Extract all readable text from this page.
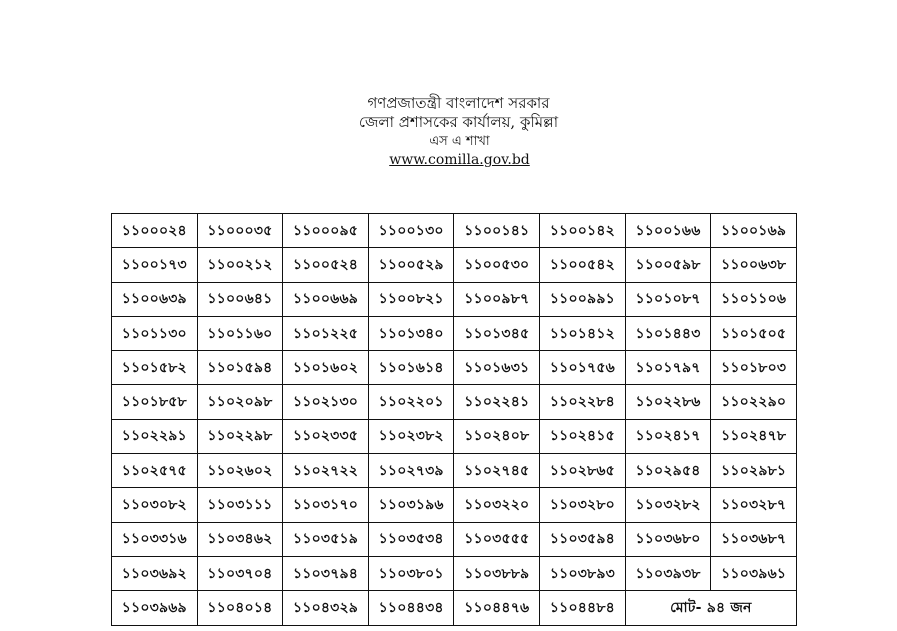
গণপ্রজাতন্ত্রী বাংলাদেশ সরকার
জেলা প্রশাসকের কার্যালয়, কুমিল্লা
এস এ শাখা
www.comilla.gov.bd
১১০০০২৪	১১০০০৩৫	১১০০০৯৫	১১০০১৩০	১১০০১৪১	১১০০১৪২	১১০০১৬৬	১১০০১৬৯
১১০০১৭৩	১১০০২১২	১১০০৫২৪	১১০০৫২৯	১১০০৫৩০	১১০০৫৪২	১১০০৫৯৮	১১০০৬৩৮
১১০০৬৩৯	১১০০৬৪১	১১০০৬৬৯	১১০০৮২১	১১০০৯৮৭	১১০০৯৯১	১১০১০৮৭	১১০১১০৬
১১০১১৩০	১১০১১৬০	১১০১২২৫	১১০১৩৪০	১১০১৩৪৫	১১০১৪১২	১১০১৪৪৩	১১০১৫০৫
১১০১৫৮২	১১০১৫৯৪	১১০১৬০২	১১০১৬১৪	১১০১৬৩১	১১০১৭৫৬	১১০১৭৯৭	১১০১৮০৩
১১০১৮৫৮	১১০২০৯৮	১১০২১৩০	১১০২২০১	১১০২২৪১	১১০২২৮৪	১১০২২৮৬	১১০২২৯০
১১০২২৯১	১১০২২৯৮	১১০২৩৩৫	১১০২৩৮২	১১০২৪০৮	১১০২৪১৫	১১০২৪১৭	১১০২৪৭৮
১১০২৫৭৫	১১০২৬০২	১১০২৭২২	১১০২৭৩৯	১১০২৭৪৫	১১০২৮৬৫	১১০২৯৫৪	১১০২৯৮১
১১০৩০৮২	১১০৩১১১	১১০৩১৭০	১১০৩১৯৬	১১০৩২২০	১১০৩২৮০	১১০৩২৮২	১১০৩২৮৭
১১০৩৩১৬	১১০৩৪৬২	১১০৩৫১৯	১১০৩৫৩৪	১১০৩৫৫৫	১১০৩৫৯৪	১১০৩৬৮০	১১০৩৬৮৭
১১০৩৬৯২	১১০৩৭০৪	১১০৩৭৯৪	১১০৩৮০১	১১০৩৮৮৯	১১০৩৮৯৩	১১০৩৯৩৮	১১০৩৯৬১
১১০৩৯৬৯	১১০৪০১৪	১১০৪৩২৯	১১০৪৪৩৪	১১০৪৪৭৬	১১০৪৪৮৪	মোট- ৯৪ জন	
